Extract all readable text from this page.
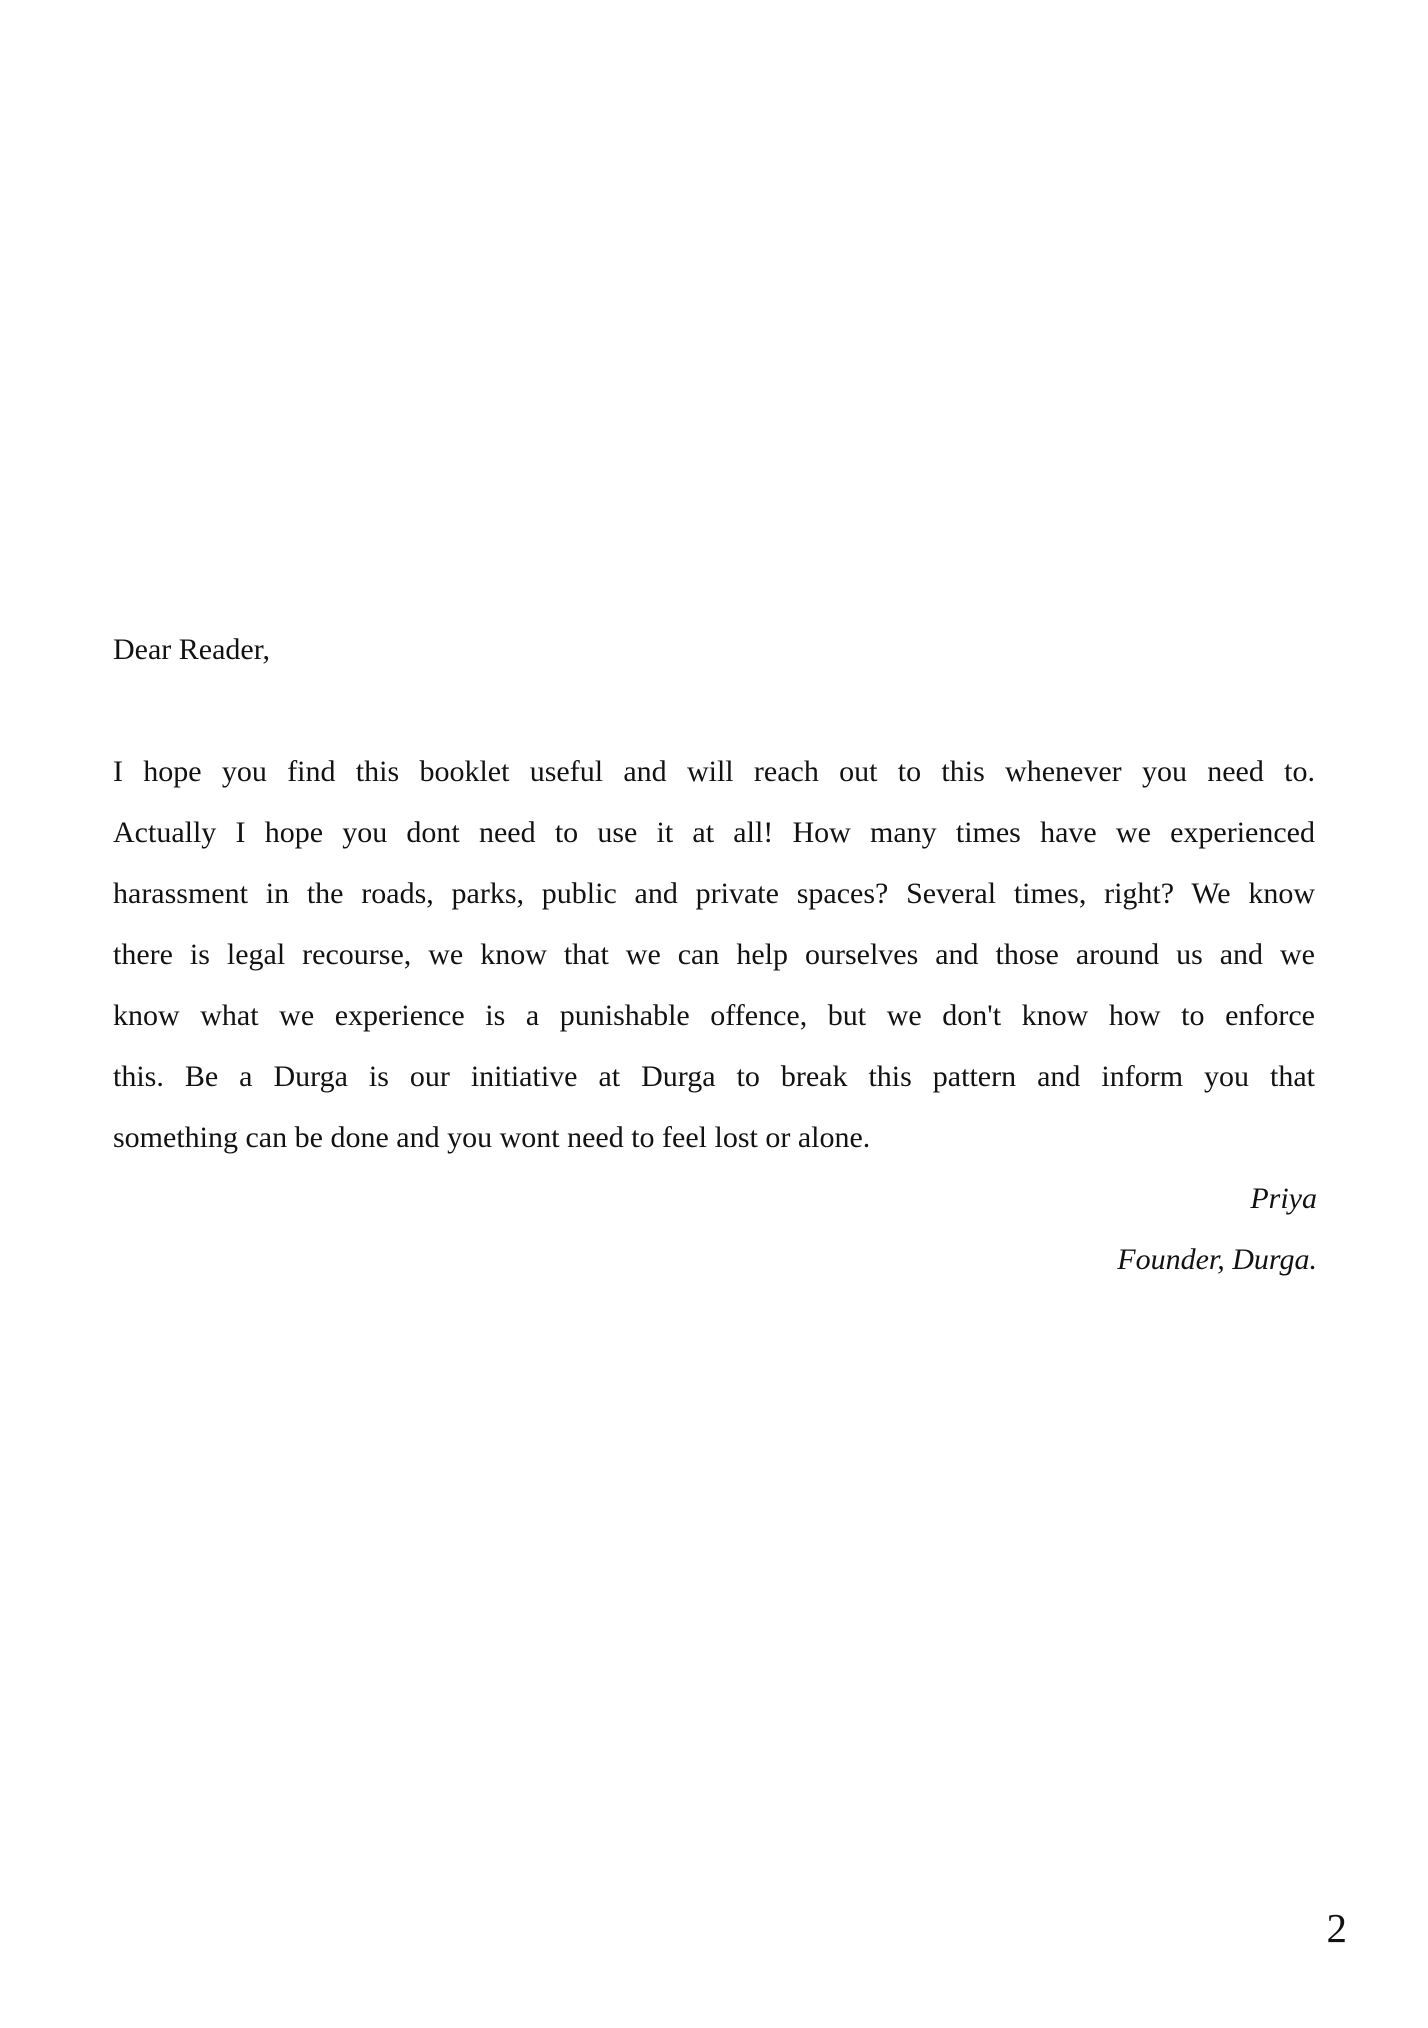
Dear Reader,
I hope you find this booklet useful and will reach out to this whenever you need to.
Actually I hope you dont need to use it at all! How many times have we experienced
harassment in the roads, parks, public and private spaces? Several times, right? We know
there is legal recourse, we know that we can help ourselves and those around us and we
know what we experience is a punishable offence, but we don't know how to enforce
this. Be a Durga is our initiative at Durga to break this pattern and inform you that
something can be done and you wont need to feel lost or alone.
Priya
Founder, Durga.
2
